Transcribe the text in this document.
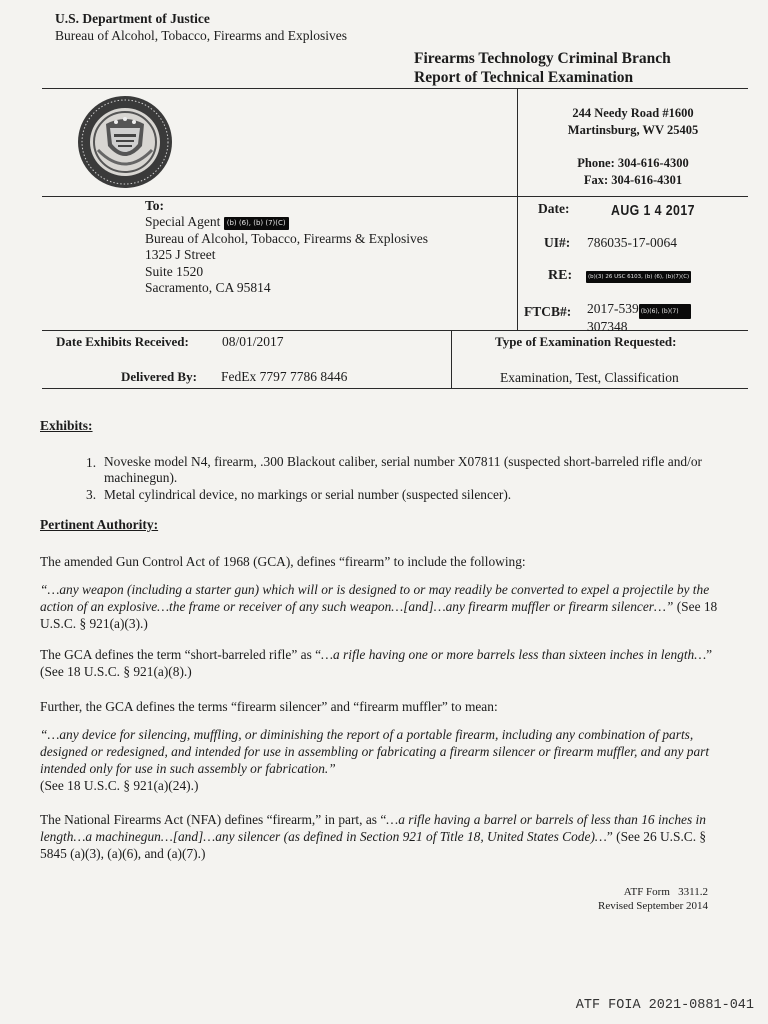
U.S. Department of Justice
Bureau of Alcohol, Tobacco, Firearms and Explosives
Firearms Technology Criminal Branch
Report of Technical Examination
244 Needy Road #1600
Martinsburg, WV 25405
Phone: 304-616-4300
Fax: 304-616-4301
To:
Special Agent (b) (6), (b) (7)(C)
Bureau of Alcohol, Tobacco, Firearms & Explosives
1325 J Street
Suite 1520
Sacramento, CA 95814
Date:	AUG 1 4 2017
UI#: 786035-17-0064
RE:	(b)(3) 26 USC 6103, (b) (6), (b)(7)(C)
FTCB#: 2017-539 (b)(6), (b)(7)
307348
Date Exhibits Received: 08/01/2017
Delivered By: FedEx 7797 7786 8446
Type of Examination Requested:
Examination, Test, Classification
Exhibits:
1. Noveske model N4, firearm, .300 Blackout caliber, serial number X07811 (suspected short-barreled rifle and/or machinegun).
3. Metal cylindrical device, no markings or serial number (suspected silencer).
Pertinent Authority:

The amended Gun Control Act of 1968 (GCA), defines “firearm” to include the following:

“…any weapon (including a starter gun) which will or is designed to or may readily be converted to expel a projectile by the action of an explosive…the frame or receiver of any such weapon…[and]…any firearm muffler or firearm silencer…” (See 18 U.S.C. § 921(a)(3).)

The GCA defines the term “short-barreled rifle” as “…a rifle having one or more barrels less than sixteen inches in length…” (See 18 U.S.C. § 921(a)(8).)

Further, the GCA defines the terms “firearm silencer” and “firearm muffler” to mean:

“…any device for silencing, muffling, or diminishing the report of a portable firearm, including any combination of parts, designed or redesigned, and intended for use in assembling or fabricating a firearm silencer or firearm muffler, and any part intended only for use in such assembly or fabrication.”
(See 18 U.S.C. § 921(a)(24).)

The National Firearms Act (NFA) defines “firearm,” in part, as “…a rifle having a barrel or barrels of less than 16 inches in length…a machinegun…[and]…any silencer (as defined in Section 921 of Title 18, United States Code)…” (See 26 U.S.C. § 5845 (a)(3), (a)(6), and (a)(7).)

ATF Form   3311.2
Revised September 2014
ATF FOIA 2021-0881-041
